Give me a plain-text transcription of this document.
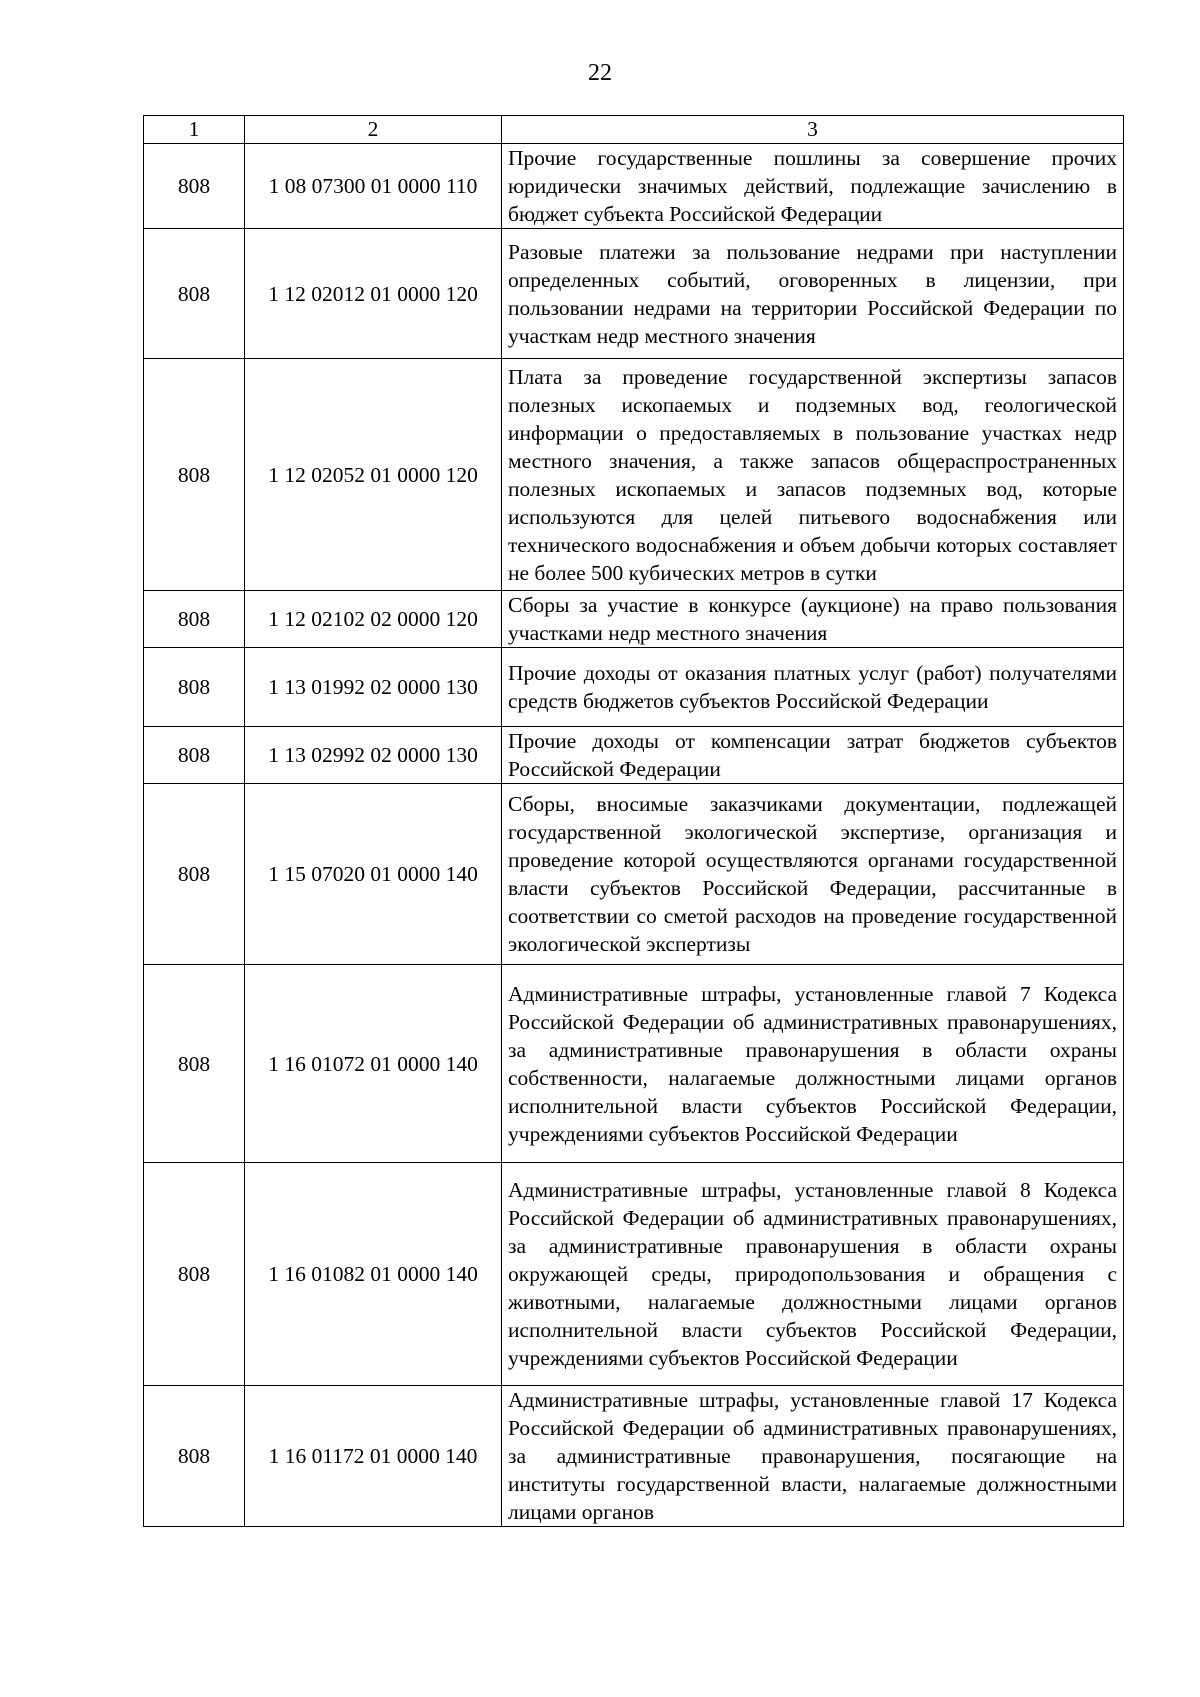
22
1	2	3
808	1 08 07300 01 0000 110	Прочие государственные пошлины за совершение прочих юридически значимых действий, подлежащие зачислению в бюджет субъекта Российской Федерации
808	1 12 02012 01 0000 120	Разовые платежи за пользование недрами при наступлении определенных событий, оговоренных в лицензии, при пользовании недрами на территории Российской Федерации по участкам недр местного значения
808	1 12 02052 01 0000 120	Плата за проведение государственной экспертизы запасов полезных ископаемых и подземных вод, геологической информации о предоставляемых в пользование участках недр местного значения, а также запасов общераспространенных полезных ископаемых и запасов подземных вод, которые используются для целей питьевого водоснабжения или технического водоснабжения и объем добычи которых составляет не более 500 кубических метров в сутки
808	1 12 02102 02 0000 120	Сборы за участие в конкурсе (аукционе) на право пользования участками недр местного значения
808	1 13 01992 02 0000 130	Прочие доходы от оказания платных услуг (работ) получателями средств бюджетов субъектов Российской Федерации
808	1 13 02992 02 0000 130	Прочие доходы от компенсации затрат бюджетов субъектов Российской Федерации
808	1 15 07020 01 0000 140	Сборы, вносимые заказчиками документации, подлежащей государственной экологической экспертизе, организация и проведение которой осуществляются органами государственной власти субъектов Российской Федерации, рассчитанные в соответствии со сметой расходов на проведение государственной экологической экспертизы
808	1 16 01072 01 0000 140	Административные штрафы, установленные главой 7 Кодекса Российской Федерации об административных правонарушениях, за административные правонарушения в области охраны собственности, налагаемые должностными лицами органов исполнительной власти субъектов Российской Федерации, учреждениями субъектов Российской Федерации
808	1 16 01082 01 0000 140	Административные штрафы, установленные главой 8 Кодекса Российской Федерации об административных правонарушениях, за административные правонарушения в области охраны окружающей среды, природопользования и обращения с животными, налагаемые должностными лицами органов исполнительной власти субъектов Российской Федерации, учреждениями субъектов Российской Федерации
808	1 16 01172 01 0000 140	Административные штрафы, установленные главой 17 Кодекса Российской Федерации об административных правонарушениях, за административные правонарушения, посягающие на институты государственной власти, налагаемые должностными лицами органов
